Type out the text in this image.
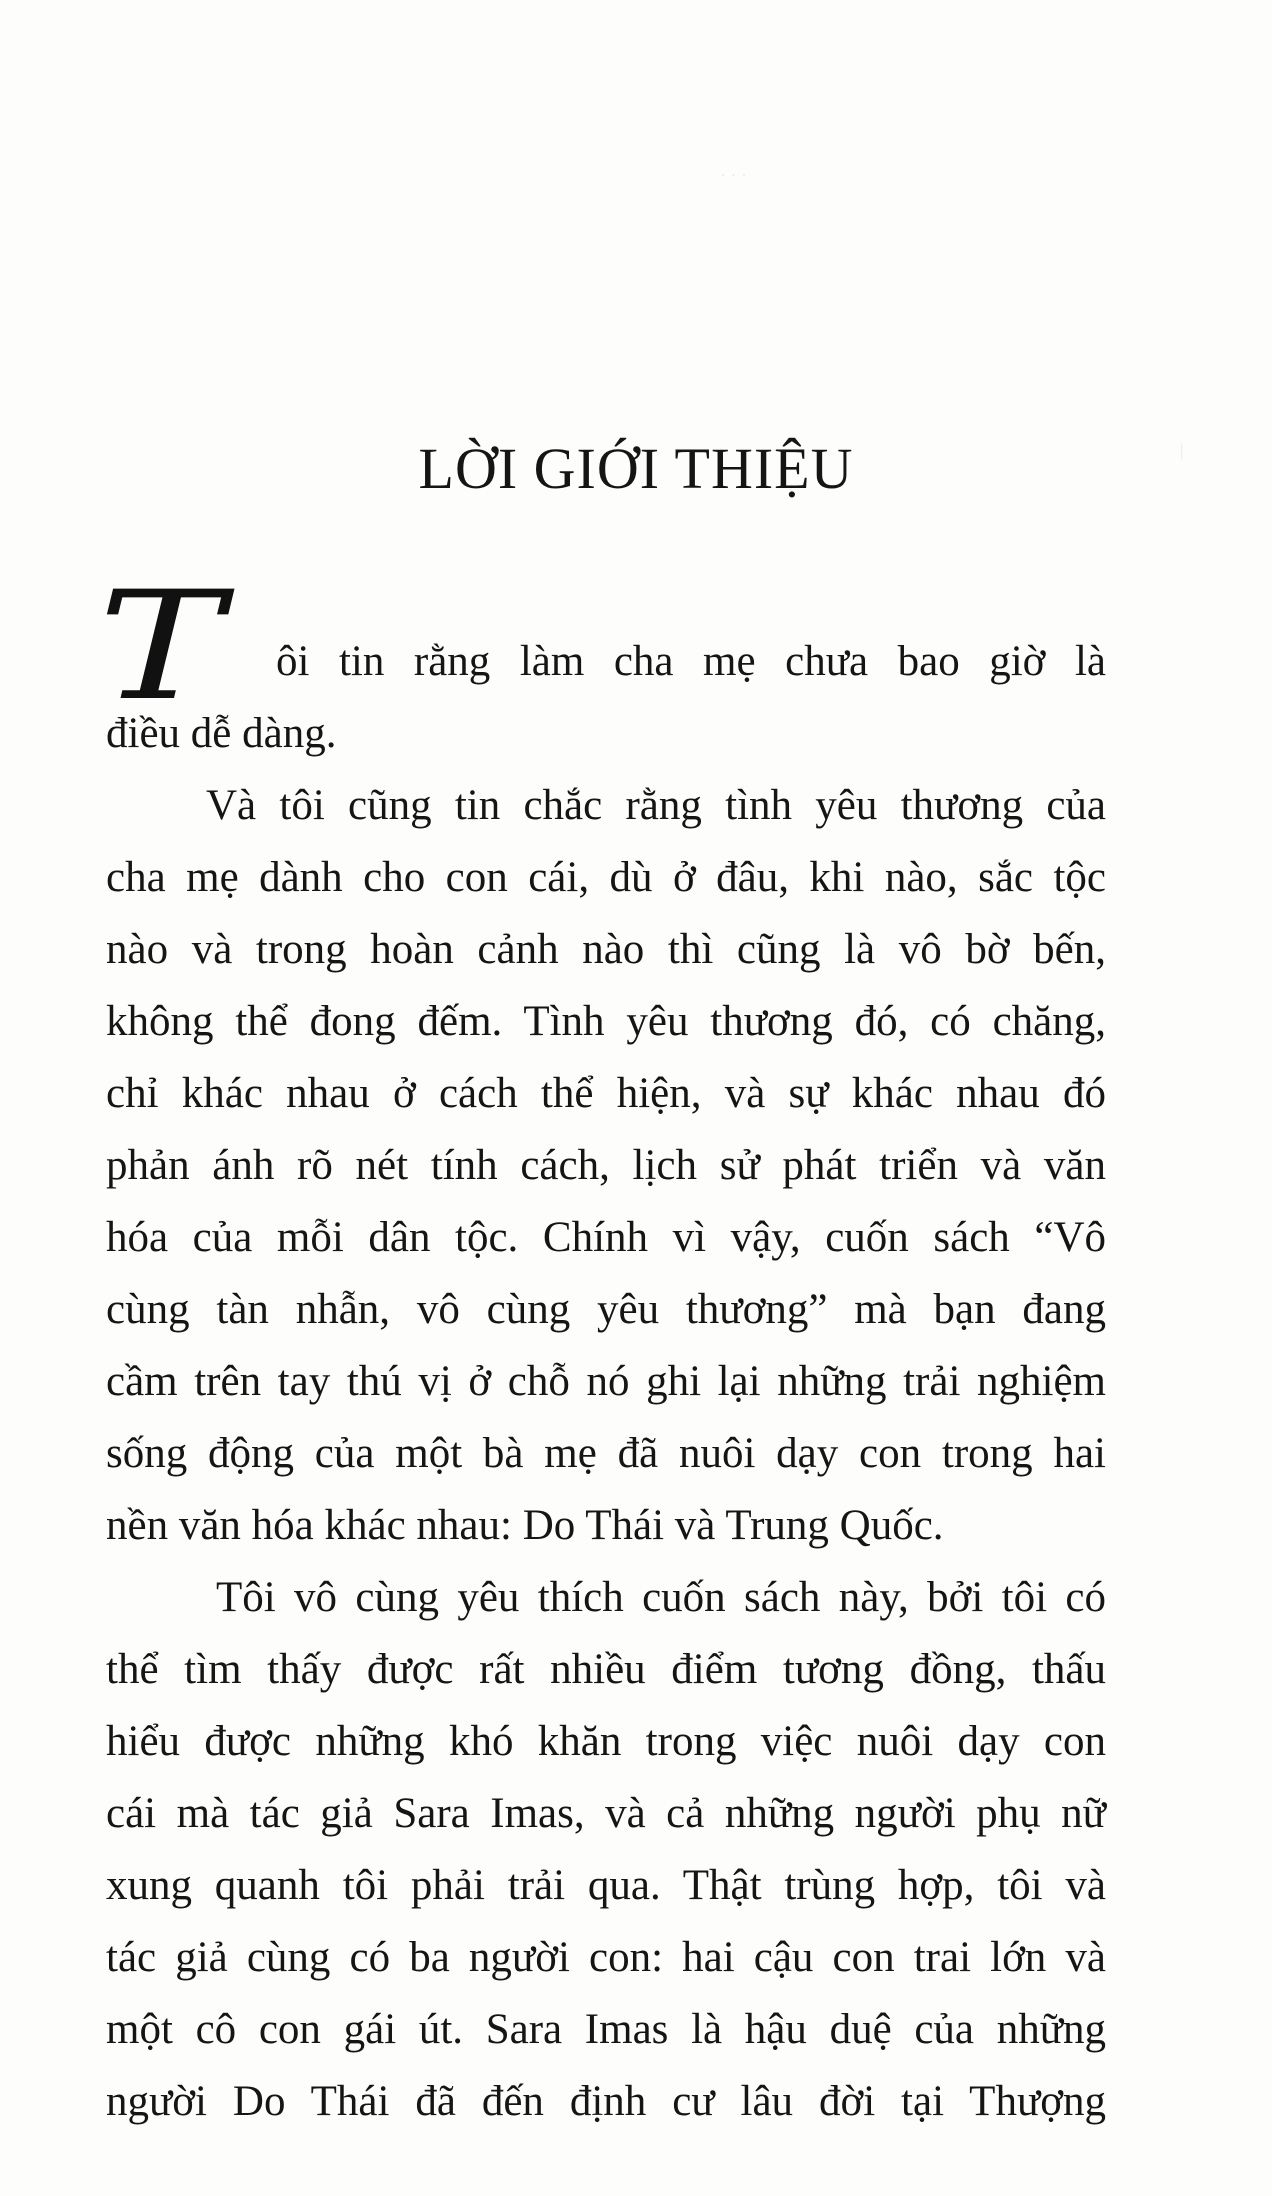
· · ·
|
LỜI GIỚI THIỆU
T ôi tin rằng làm cha mẹ chưa bao giờ là
điều dễ dàng.
Và tôi cũng tin chắc rằng tình yêu thương của
cha mẹ dành cho con cái, dù ở đâu, khi nào, sắc tộc
nào và trong hoàn cảnh nào thì cũng là vô bờ bến,
không thể đong đếm. Tình yêu thương đó, có chăng,
chỉ khác nhau ở cách thể hiện, và sự khác nhau đó
phản ánh rõ nét tính cách, lịch sử phát triển và văn
hóa của mỗi dân tộc. Chính vì vậy, cuốn sách “Vô
cùng tàn nhẫn, vô cùng yêu thương” mà bạn đang
cầm trên tay thú vị ở chỗ nó ghi lại những trải nghiệm
sống động của một bà mẹ đã nuôi dạy con trong hai
nền văn hóa khác nhau: Do Thái và Trung Quốc.
Tôi vô cùng yêu thích cuốn sách này, bởi tôi có
thể tìm thấy được rất nhiều điểm tương đồng, thấu
hiểu được những khó khăn trong việc nuôi dạy con
cái mà tác giả Sara Imas, và cả những người phụ nữ
xung quanh tôi phải trải qua. Thật trùng hợp, tôi và
tác giả cùng có ba người con: hai cậu con trai lớn và
một cô con gái út. Sara Imas là hậu duệ của những
người Do Thái đã đến định cư lâu đời tại Thượng
